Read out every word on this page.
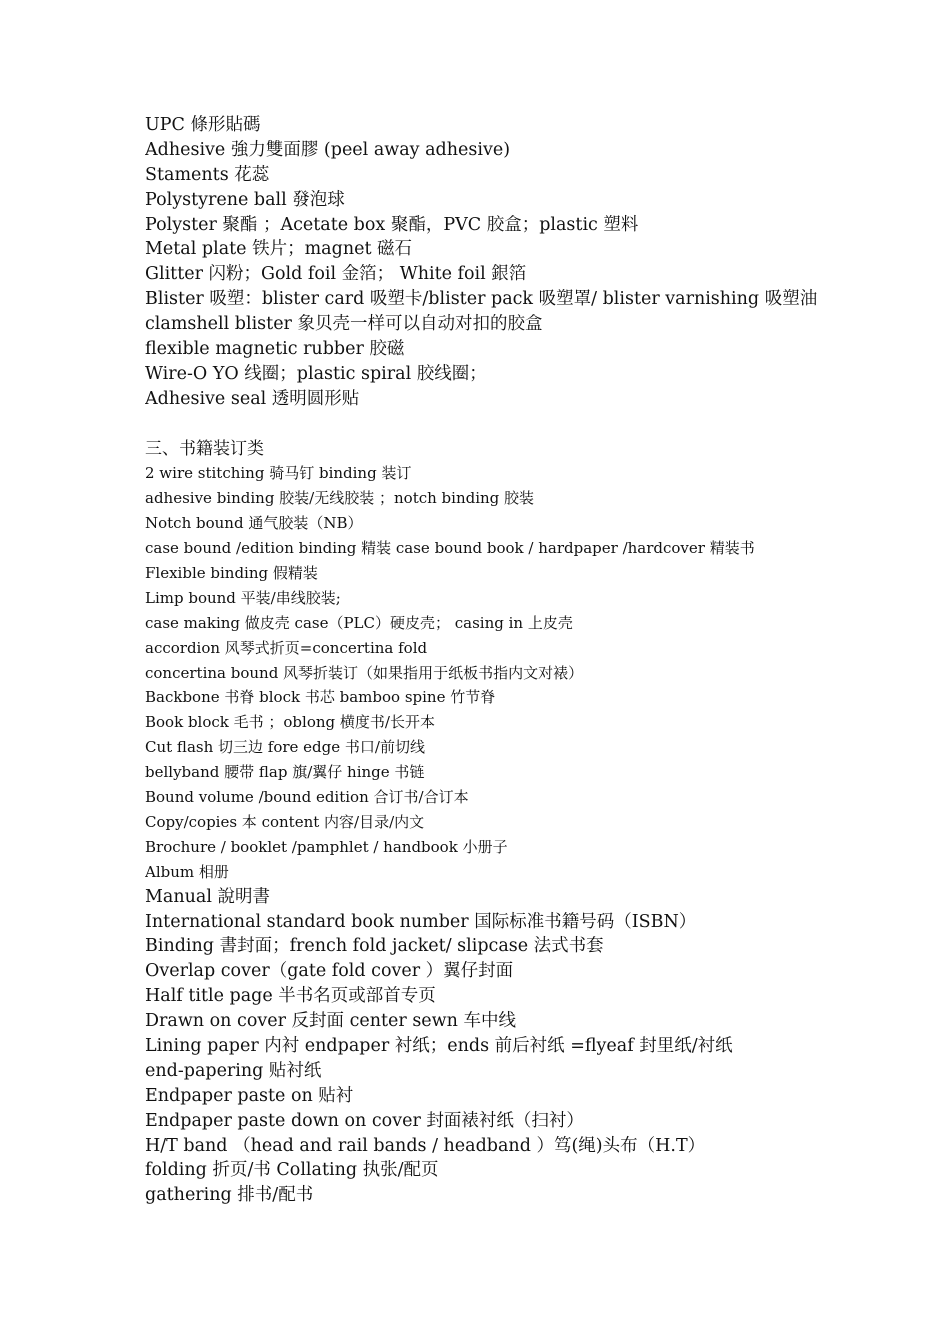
UPC 條形貼碼
Adhesive 強力雙面膠 (peel away adhesive)
Staments 花蕊
Polystyrene ball 發泡球
Polyster 聚酯 ；Acetate box 聚酯，PVC 胶盒；plastic 塑料
Metal plate 铁片；magnet 磁石
Glitter 闪粉；Gold foil 金箔； White foil 銀箔
Blister 吸塑：blister card 吸塑卡/blister pack 吸塑罩/ blister varnishing 吸塑油
clamshell blister 象贝壳一样可以自动对扣的胶盒
flexible magnetic rubber 胶磁
Wire-O YO 线圈；plastic spiral 胶线圈；
Adhesive seal 透明圆形贴
三、书籍装订类
2 wire stitching 骑马钉 binding 装订
adhesive binding 胶装/无线胶装 ；notch binding 胶装
Notch bound 通气胶装（NB）
case bound /edition binding 精装 case bound book / hardpaper /hardcover 精装书
Flexible binding 假精装
Limp bound 平装/串线胶装;
case making 做皮壳 case（PLC）硬皮壳； casing in 上皮壳
accordion 风琴式折页=concertina fold
concertina bound 风琴折装订（如果指用于纸板书指内文对裱）
Backbone 书脊 block 书芯 bamboo spine 竹节脊
Book block 毛书 ；oblong 横度书/长开本
Cut flash 切三边 fore edge 书口/前切线
bellyband 腰带 flap 旗/翼仔 hinge 书链
Bound volume /bound edition 合订书/合订本
Copy/copies 本 content 内容/目录/内文
Brochure / booklet /pamphlet / handbook 小册子
Album 相册
Manual 說明書
International standard book number 国际标准书籍号码（ISBN）
Binding 書封面；french fold jacket/ slipcase 法式书套
Overlap cover（gate fold cover ）翼仔封面
Half title page 半书名页或部首专页
Drawn on cover 反封面 center sewn 车中线
Lining paper 内衬 endpaper 衬纸；ends 前后衬纸 =flyeaf 封里纸/衬纸
end-papering 贴衬纸
Endpaper paste on 贴衬
Endpaper paste down on cover 封面裱衬纸（扫衬）
H/T band （head and rail bands / headband ）笃(绳)头布（H.T）
folding 折页/书 Collating 执张/配页
gathering 排书/配书
